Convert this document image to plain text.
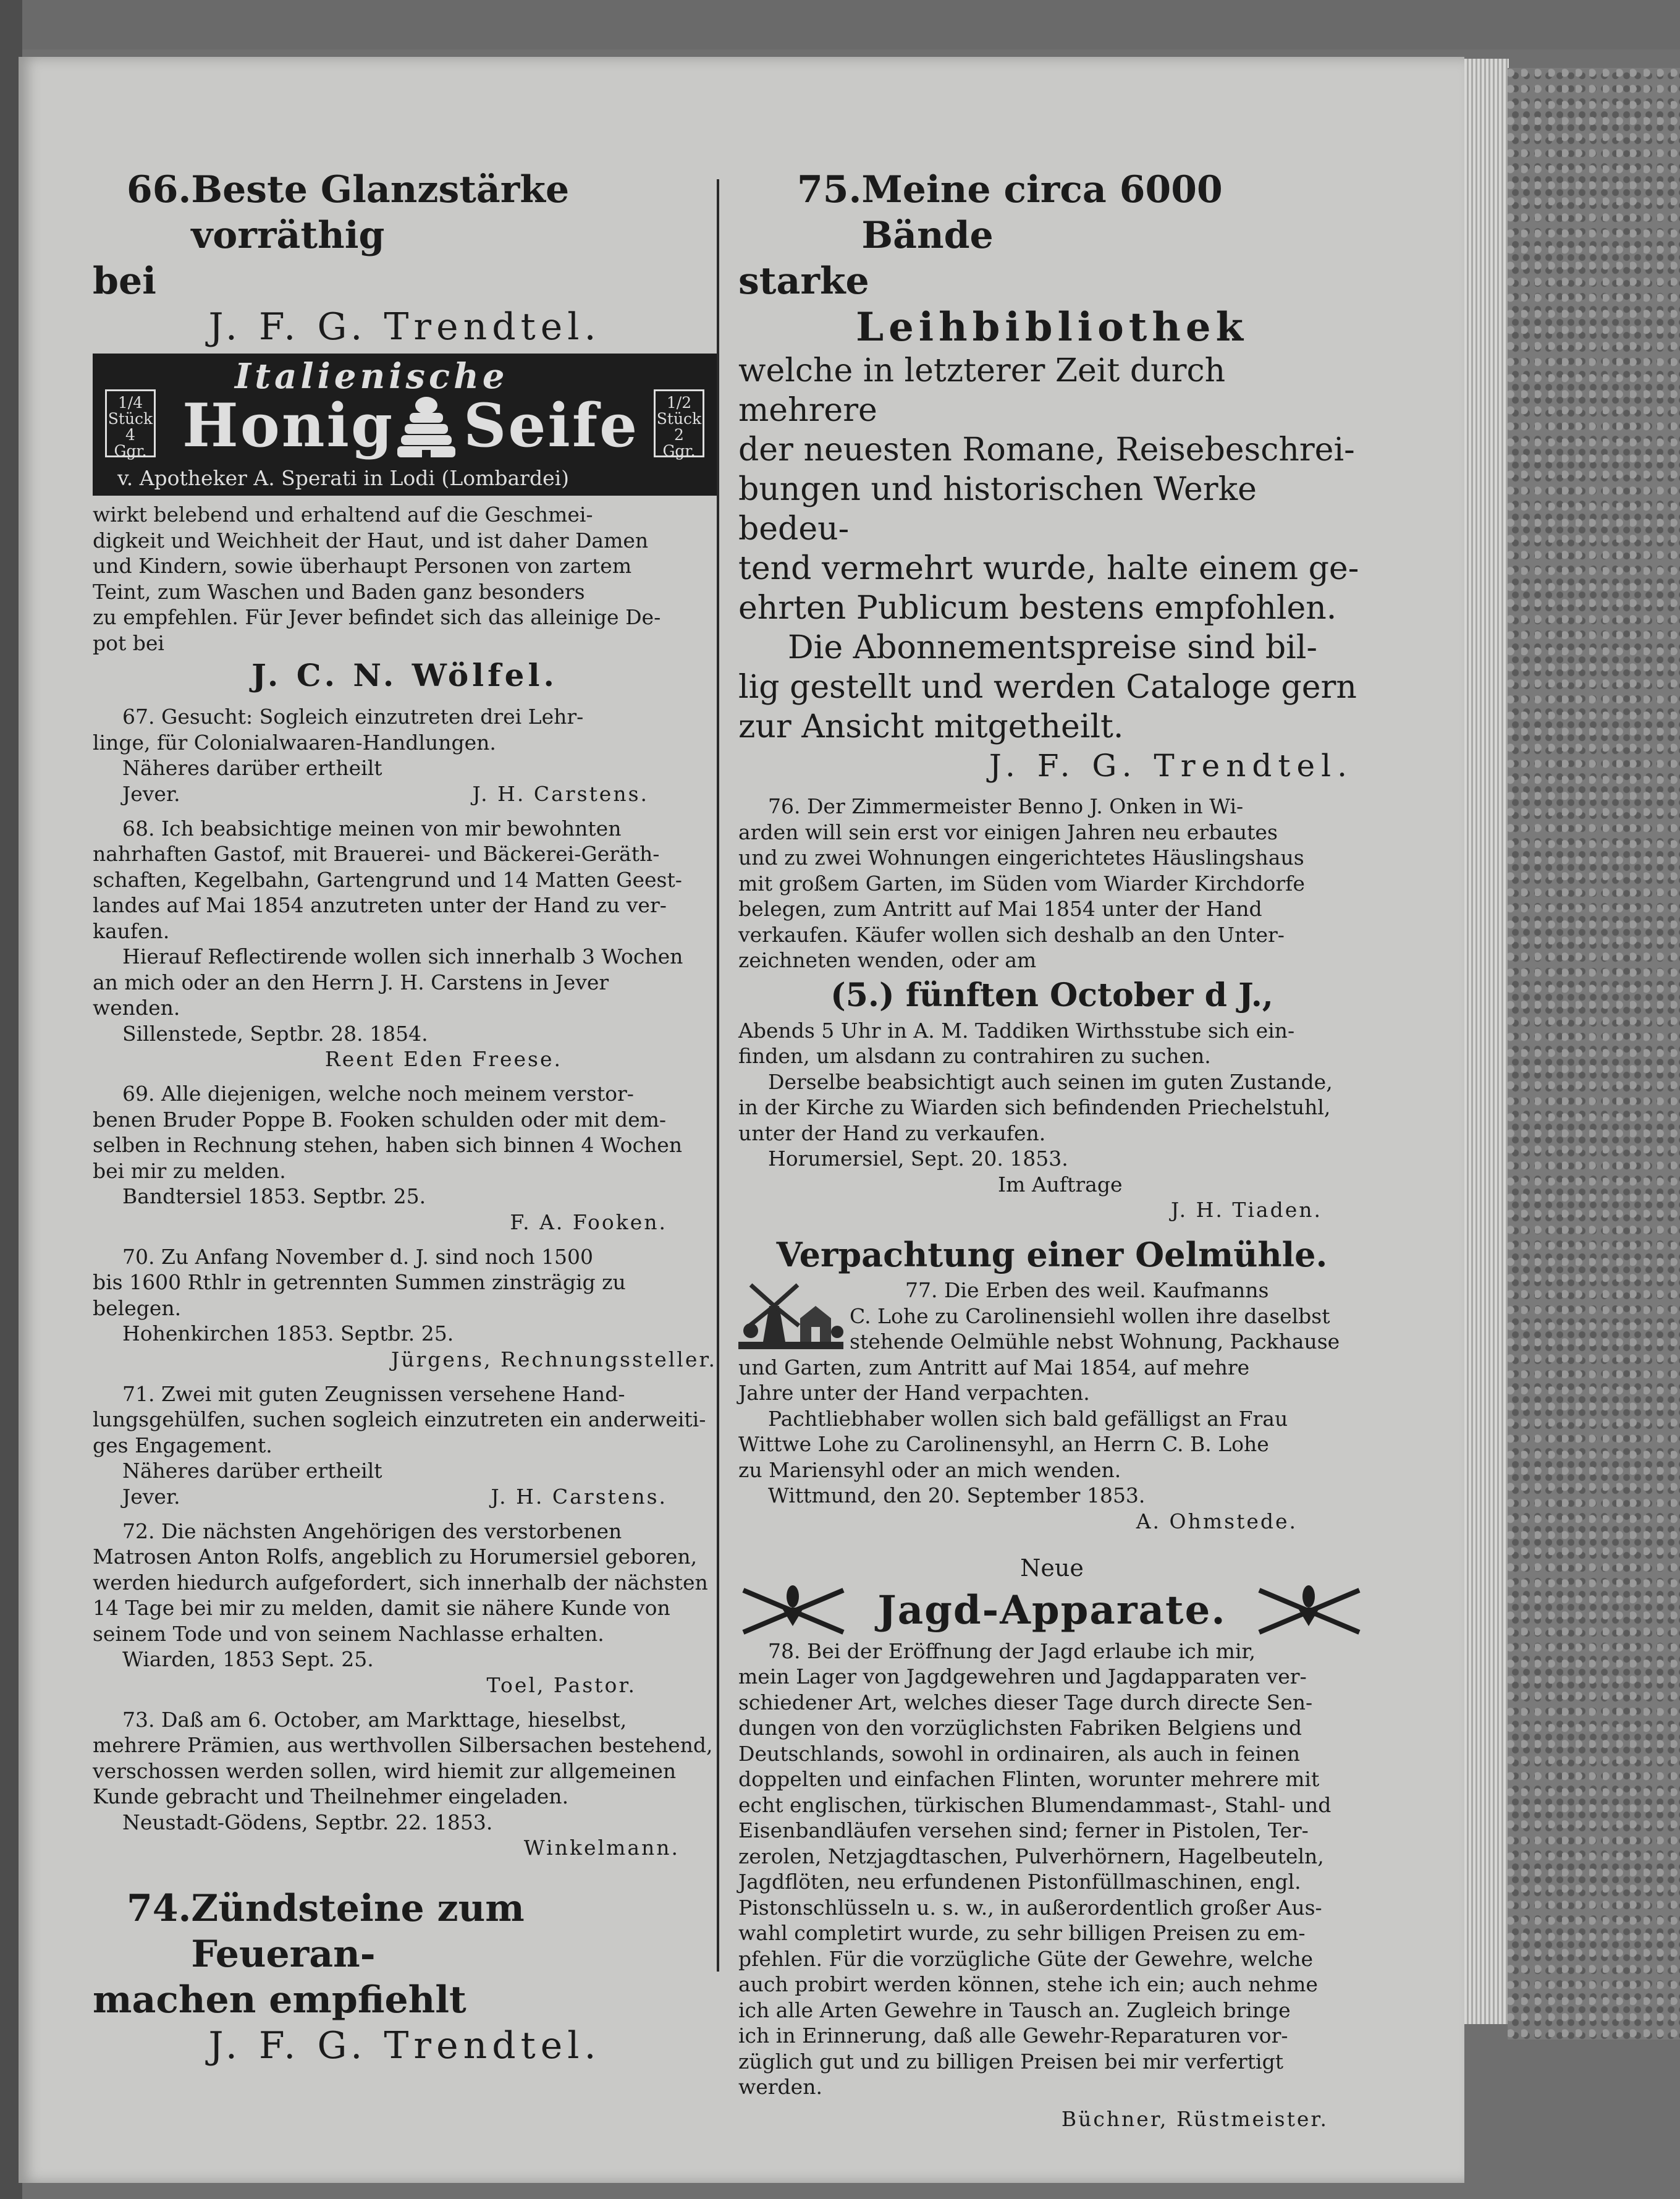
66. Beste Glanzstärke vorräthig
bei
J. F. G. Trendtel.
1/4
Stück
4 Ggr.
Italienische
Honig Seife	1/2
Stück
2 Ggr.
v. Apotheker A. Sperati in Lodi (Lombardei)

wirkt belebend und erhaltend auf die Geschmei-

digkeit und Weichheit der Haut, und ist daher Damen

und Kindern, sowie überhaupt Personen von zartem

Teint, zum Waschen und Baden ganz besonders

zu empfehlen. Für Jever befindet sich das alleinige De-

pot bei

J. C. N. Wölfel.

67. Gesucht: Sogleich einzutreten drei Lehr-

linge, für Colonialwaaren-Handlungen.

Näheres darüber ertheilt

Jever.	J. H. Carstens.

68. Ich beabsichtige meinen von mir bewohnten

nahrhaften Gastof, mit Brauerei- und Bäckerei-Geräth-

schaften, Kegelbahn, Gartengrund und 14 Matten Geest-

landes auf Mai 1854 anzutreten unter der Hand zu ver-

kaufen.

Hierauf Reflectirende wollen sich innerhalb 3 Wochen

an mich oder an den Herrn J. H. Carstens in Jever

wenden.

Sillenstede, Septbr. 28. 1854.

Reent Eden Freese.

69. Alle diejenigen, welche noch meinem verstor-

benen Bruder Poppe B. Fooken schulden oder mit dem-

selben in Rechnung stehen, haben sich binnen 4 Wochen

bei mir zu melden.

Bandtersiel 1853. Septbr. 25.

F. A. Fooken.

70. Zu Anfang November d. J. sind noch 1500

bis 1600 Rthlr in getrennten Summen zinsträgig zu

belegen.

Hohenkirchen 1853. Septbr. 25.

Jürgens, Rechnungssteller.

71. Zwei mit guten Zeugnissen versehene Hand-

lungsgehülfen, suchen sogleich einzutreten ein anderweiti-

ges Engagement.

Näheres darüber ertheilt

Jever.	J. H. Carstens.

72. Die nächsten Angehörigen des verstorbenen

Matrosen Anton Rolfs, angeblich zu Horumersiel geboren,

werden hiedurch aufgefordert, sich innerhalb der nächsten

14 Tage bei mir zu melden, damit sie nähere Kunde von

seinem Tode und von seinem Nachlasse erhalten.

Wiarden, 1853 Sept. 25.

Toel, Pastor.

73. Daß am 6. October, am Markttage, hieselbst,

mehrere Prämien, aus werthvollen Silbersachen bestehend,

verschossen werden sollen, wird hiemit zur allgemeinen

Kunde gebracht und Theilnehmer eingeladen.

Neustadt-Gödens, Septbr. 22. 1853.

Winkelmann.

74. Zündsteine zum Feueran-
machen empfiehlt
J. F. G. Trendtel.
75. Meine circa 6000 Bände
starke
Leihbibliothek
welche in letzterer Zeit durch mehrere
der neuesten Romane, Reisebeschrei-
bungen und historischen Werke bedeu-
tend vermehrt wurde, halte einem ge-
ehrten Publicum bestens empfohlen.
Die Abonnementspreise sind bil-
lig gestellt und werden Cataloge gern
zur Ansicht mitgetheilt.
J. F. G. Trendtel.

76. Der Zimmermeister Benno J. Onken in Wi-

arden will sein erst vor einigen Jahren neu erbautes

und zu zwei Wohnungen eingerichtetes Häuslingshaus

mit großem Garten, im Süden vom Wiarder Kirchdorfe

belegen, zum Antritt auf Mai 1854 unter der Hand

verkaufen. Käufer wollen sich deshalb an den Unter-

zeichneten wenden, oder am

(5.) fünften October d J.,

Abends 5 Uhr in A. M. Taddiken Wirthsstube sich ein-

finden, um alsdann zu contrahiren zu suchen.

Derselbe beabsichtigt auch seinen im guten Zustande,

in der Kirche zu Wiarden sich befindenden Priechelstuhl,

unter der Hand zu verkaufen.

Horumersiel, Sept. 20. 1853.

Im Auftrage

J. H. Tiaden.

Verpachtung einer Oelmühle.

77. Die Erben des weil. Kaufmanns

C. Lohe zu Carolinensiehl wollen ihre daselbst

stehende Oelmühle nebst Wohnung, Packhause

und Garten, zum Antritt auf Mai 1854, auf mehre

Jahre unter der Hand verpachten.

Pachtliebhaber wollen sich bald gefälligst an Frau

Wittwe Lohe zu Carolinensyhl, an Herrn C. B. Lohe

zu Mariensyhl oder an mich wenden.

Wittmund, den 20. September 1853.

A. Ohmstede.

Neue
Jagd-Apparate.

78. Bei der Eröffnung der Jagd erlaube ich mir,

mein Lager von Jagdgewehren und Jagdapparaten ver-

schiedener Art, welches dieser Tage durch directe Sen-

dungen von den vorzüglichsten Fabriken Belgiens und

Deutschlands, sowohl in ordinairen, als auch in feinen

doppelten und einfachen Flinten, worunter mehrere mit

echt englischen, türkischen Blumendammast-, Stahl- und

Eisenbandläufen versehen sind; ferner in Pistolen, Ter-

zerolen, Netzjagdtaschen, Pulverhörnern, Hagelbeuteln,

Jagdflöten, neu erfundenen Pistonfüllmaschinen, engl.

Pistonschlüsseln u. s. w., in außerordentlich großer Aus-

wahl completirt wurde, zu sehr billigen Preisen zu em-

pfehlen. Für die vorzügliche Güte der Gewehre, welche

auch probirt werden können, stehe ich ein; auch nehme

ich alle Arten Gewehre in Tausch an. Zugleich bringe

ich in Erinnerung, daß alle Gewehr-Reparaturen vor-

züglich gut und zu billigen Preisen bei mir verfertigt

werden.

Büchner, Rüstmeister.
